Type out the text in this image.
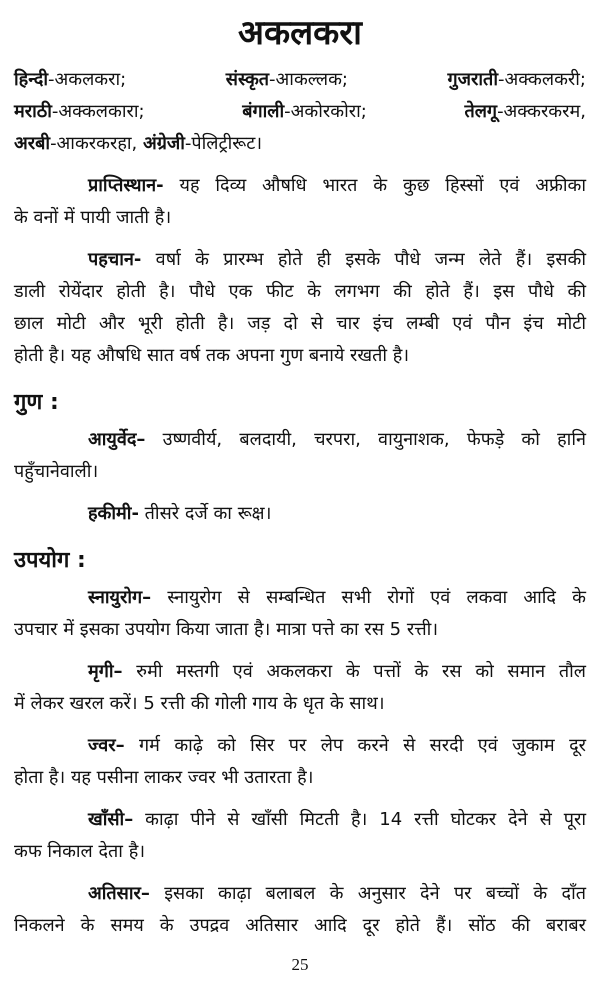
अकलकरा
हिन्दी-अकलकरा; संस्कृत-आकल्लक; गुजराती-अक्कलकरी;
मराठी-अक्कलकारा; बंगाली-अकोरकोरा; तेलगू-अक्करकरम,
अरबी-आकरकरहा, अंग्रेजी-पेलिट्रीरूट।
प्राप्तिस्थान- यह दिव्य औषधि भारत के कुछ हिस्सों एवं अफ्रीका
के वनों में पायी जाती है।
पहचान- वर्षा के प्रारम्भ होते ही इसके पौधे जन्म लेते हैं। इसकी
डाली रोयेंदार होती है। पौधे एक फीट के लगभग की होते हैं। इस पौधे की
छाल मोटी और भूरी होती है। जड़ दो से चार इंच लम्बी एवं पौन इंच मोटी
होती है। यह औषधि सात वर्ष तक अपना गुण बनाये रखती है।
गुण :
आयुर्वेद– उष्णवीर्य, बलदायी, चरपरा, वायुनाशक, फेफड़े को हानि
पहुँचानेवाली।
हकीमी- तीसरे दर्जे का रूक्ष।
उपयोग :
स्नायुरोग– स्नायुरोग से सम्बन्धित सभी रोगों एवं लकवा आदि के
उपचार में इसका उपयोग किया जाता है। मात्रा पत्ते का रस 5 रत्ती।
मृगी– रुमी मस्तगी एवं अकलकरा के पत्तों के रस को समान तौल
में लेकर खरल करें। 5 रत्ती की गोली गाय के धृत के साथ।
ज्वर– गर्म काढ़े को सिर पर लेप करने से सरदी एवं जुकाम दूर
होता है। यह पसीना लाकर ज्वर भी उतारता है।
खाँसी– काढ़ा पीने से खाँसी मिटती है। 14 रत्ती घोटकर देने से पूरा
कफ निकाल देता है।
अतिसार– इसका काढ़ा बलाबल के अनुसार देने पर बच्चों के दाँत
निकलने के समय के उपद्रव अतिसार आदि दूर होते हैं। सोंठ की बराबर
25
